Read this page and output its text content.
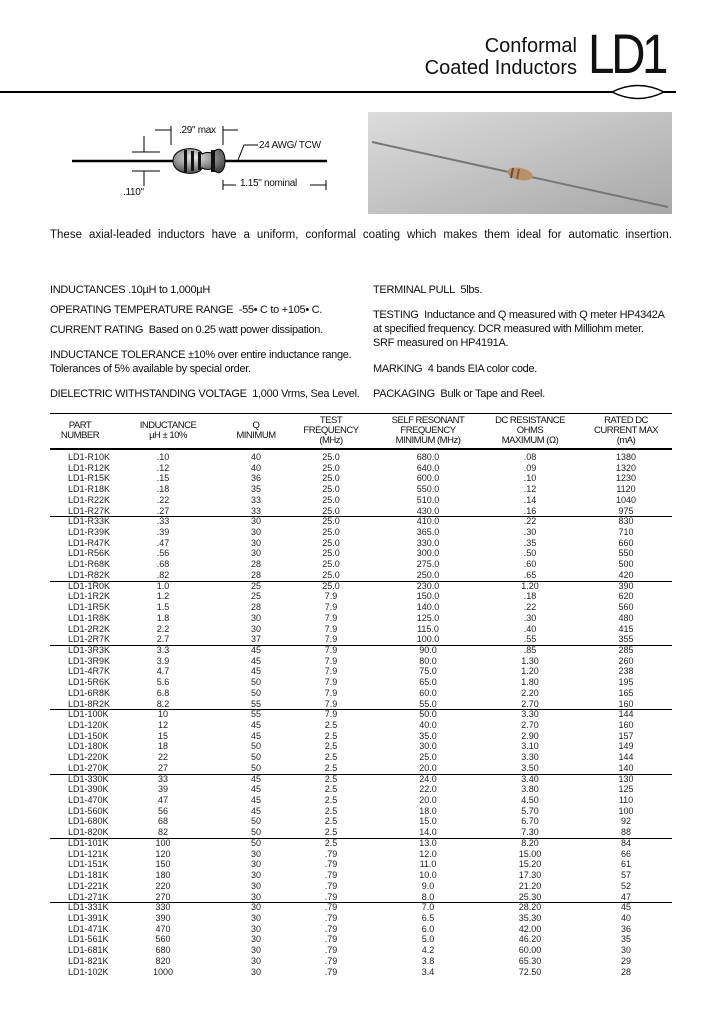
Conformal
Coated Inductors LD1
.29" max
24 AWG/ TCW
1.15" nominal
.110"
These axial-leaded inductors have a uniform, conformal coating which makes them ideal for automatic insertion.
INDUCTANCES .10µH to 1,000µH
OPERATING TEMPERATURE RANGE -55• C to +105• C.
CURRENT RATING Based on 0.25 watt power dissipation.
INDUCTANCE TOLERANCE ±10% over entire inductance range.
Tolerances of 5% available by special order.
DIELECTRIC WITHSTANDING VOLTAGE 1,000 Vrms, Sea Level.
TERMINAL PULL 5lbs.
TESTING Inductance and Q measured with Q meter HP4342A
at specified frequency. DCR measured with Milliohm meter.
SRF measured on HP4191A.
MARKING 4 bands EIA color code.
PACKAGING Bulk or Tape and Reel.
PART
NUMBER
INDUCTANCE
µH ± 10%
Q
MINIMUM
TEST
FREQUENCY
(MHz)
SELF RESONANT
FREQUENCY
MINIMUM (MHz)
DC RESISTANCE
OHMS
MAXIMUM (Ω)
RATED DC
CURRENT MAX
(mA)
LD1-R10K	.10	40	25.0	680.0	.08	1380
LD1-R12K	.12	40	25.0	640.0	.09	1320
LD1-R15K	.15	36	25.0	600.0	.10	1230
LD1-R18K	.18	35	25.0	550.0	.12	1120
LD1-R22K	.22	33	25.0	510.0	.14	1040
LD1-R27K	.27	33	25.0	430.0	.16	975
LD1-R33K	.33	30	25.0	410.0	.22	830
LD1-R39K	.39	30	25.0	365.0	.30	710
LD1-R47K	.47	30	25.0	330.0	.35	660
LD1-R56K	.56	30	25.0	300.0	.50	550
LD1-R68K	.68	28	25.0	275.0	.60	500
LD1-R82K	.82	28	25.0	250.0	.65	420
LD1-1R0K	1.0	25	25.0	230.0	1.20	390
LD1-1R2K	1.2	25	7.9	150.0	.18	620
LD1-1R5K	1.5	28	7.9	140.0	.22	560
LD1-1R8K	1.8	30	7.9	125.0	.30	480
LD1-2R2K	2.2	30	7.9	115.0	.40	415
LD1-2R7K	2.7	37	7.9	100.0	.55	355
LD1-3R3K	3.3	45	7.9	90.0	.85	285
LD1-3R9K	3.9	45	7.9	80.0	1.30	260
LD1-4R7K	4.7	45	7.9	75.0	1.20	238
LD1-5R6K	5.6	50	7.9	65.0	1.80	195
LD1-6R8K	6.8	50	7.9	60.0	2.20	165
LD1-8R2K	8.2	55	7.9	55.0	2.70	160
LD1-100K	10	55	7.9	50.0	3.30	144
LD1-120K	12	45	2.5	40.0	2.70	160
LD1-150K	15	45	2.5	35.0	2.90	157
LD1-180K	18	50	2.5	30.0	3.10	149
LD1-220K	22	50	2.5	25.0	3.30	144
LD1-270K	27	50	2.5	20.0	3.50	140
LD1-330K	33	45	2.5	24.0	3.40	130
LD1-390K	39	45	2.5	22.0	3.80	125
LD1-470K	47	45	2.5	20.0	4.50	110
LD1-560K	56	45	2.5	18.0	5.70	100
LD1-680K	68	50	2.5	15.0	6.70	92
LD1-820K	82	50	2.5	14.0	7.30	88
LD1-101K	100	50	2.5	13.0	8.20	84
LD1-121K	120	30	.79	12.0	15.00	66
LD1-151K	150	30	.79	11.0	15.20	61
LD1-181K	180	30	.79	10.0	17.30	57
LD1-221K	220	30	.79	9.0	21.20	52
LD1-271K	270	30	.79	8.0	25.30	47
LD1-331K	330	30	.79	7.0	28.20	45
LD1-391K	390	30	.79	6.5	35.30	40
LD1-471K	470	30	.79	6.0	42.00	36
LD1-561K	560	30	.79	5.0	46.20	35
LD1-681K	680	30	.79	4.2	60.00	30
LD1-821K	820	30	.79	3.8	65.30	29
LD1-102K	1000	30	.79	3.4	72.50	28
